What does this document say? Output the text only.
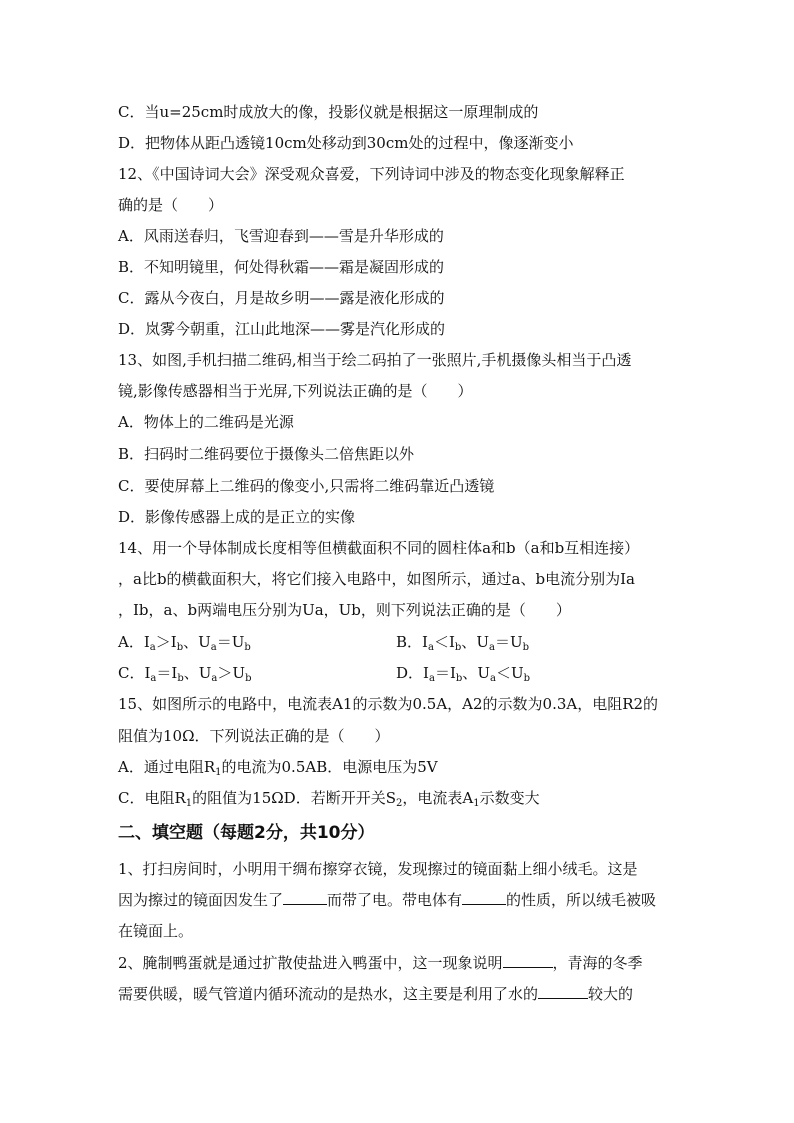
C．当u=25cm时成放大的像，投影仪就是根据这一原理制成的
D．把物体从距凸透镜10cm处移动到30cm处的过程中，像逐渐变小
12、《中国诗词大会》深受观众喜爱，下列诗词中涉及的物态变化现象解释正
确的是（　　）
A．风雨送春归，飞雪迎春到——雪是升华形成的
B．不知明镜里，何处得秋霜——霜是凝固形成的
C．露从今夜白，月是故乡明——露是液化形成的
D．岚雾今朝重，江山此地深——雾是汽化形成的
13、如图,手机扫描二维码,相当于绘二码拍了一张照片,手机摄像头相当于凸透
镜,影像传感器相当于光屏,下列说法正确的是（　　）
A．物体上的二维码是光源
B．扫码时二维码要位于摄像头二倍焦距以外
C．要使屏幕上二维码的像变小,只需将二维码靠近凸透镜
D．影像传感器上成的是正立的实像
14、用一个导体制成长度相等但横截面积不同的圆柱体a和b（a和b互相连接）
，a比b的横截面积大，将它们接入电路中，如图所示，通过a、b电流分别为Ia
，Ib，a、b两端电压分别为Ua，Ub，则下列说法正确的是（　　）
A．$I_a>I_b$、$U_a=U_b$	B．$I_a<I_b$、$U_a=U_b$
C．$I_a=I_b$、$U_a>U_b$	D．$I_a=I_b$、$U_a<U_b$
15、如图所示的电路中，电流表A1的示数为0.5A，A2的示数为0.3A，电阻R2的
阻值为10Ω．下列说法正确的是（　　）
A．通过电阻$R_1$的电流为0.5AB．电源电压为5V
C．电阻$R_1$的阻值为15ΩD．若断开开关$S_2$，电流表$A_1$示数变大
二、填空题（每题2分，共10分）
1、打扫房间时，小明用干绸布擦穿衣镜，发现擦过的镜面黏上细小绒毛。这是
因为擦过的镜面因发生了	而带了电。带电体有	的性质，所以绒毛被吸
在镜面上。
2、腌制鸭蛋就是通过扩散使盐进入鸭蛋中，这一现象说明	，青海的冬季
需要供暖，暖气管道内循环流动的是热水，这主要是利用了水的	较大的
